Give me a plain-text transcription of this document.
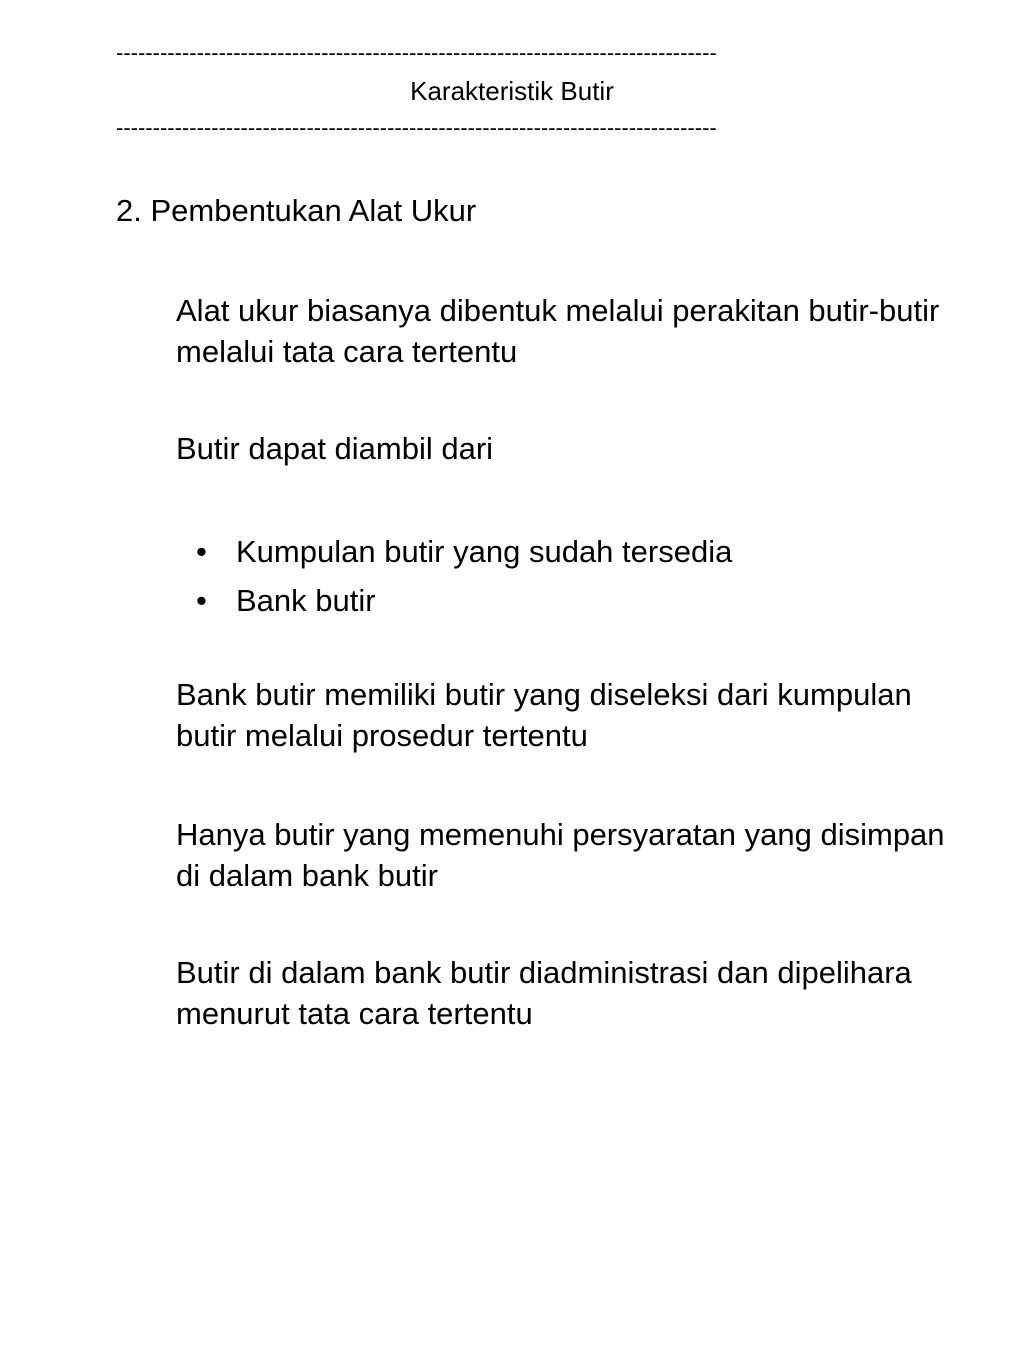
----------------------------------------------------------------------------------
Karakteristik Butir
----------------------------------------------------------------------------------
2. Pembentukan Alat Ukur
Alat ukur biasanya dibentuk melalui perakitan butir-butir melalui tata cara tertentu
Butir dapat diambil dari
• Kumpulan butir yang sudah tersedia
• Bank butir
Bank butir memiliki butir yang diseleksi dari kumpulan butir melalui prosedur tertentu
Hanya butir yang memenuhi persyaratan yang disimpan di dalam bank butir
Butir di dalam bank butir diadministrasi dan dipelihara menurut tata cara tertentu
